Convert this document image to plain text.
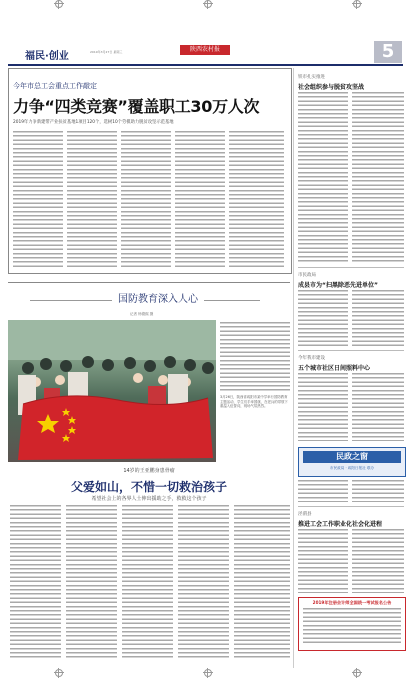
福民·创业	2019年3月27日 星期三	陕西农村报	5
今年市总工会重点工作敲定
力争“四类竞赛”覆盖职工30万人次
2019年力争新建带产业扶贫基地1项目120个，选树10个劳模助力脱贫攻坚示范基地
铁市扎实推进
社会组织参与脱贫攻坚战
市民政局
成县市为“扫黑除恶先进单位”
今年我市建设
五个城市社区日间照料中心
民政之窗
市民政局 · 咸阳日报社 联办
泾渭县
推进工会工作职业化社会化进程
2019年注册会计师全国统一考试报名公告
国防教育深入人心
记者 杨德熙 摄
3月26日，陕西省咸阳市某中学举行国防教育主题活动，学生们手举国旗，在老兵的带领下重温入伍誓词，现场气氛热烈。
14岁的王亚鹏身患骨瘤
父爱如山，不惜一切救治孩子
希望社会上的各界人士伸出援助之手，救救这个孩子
